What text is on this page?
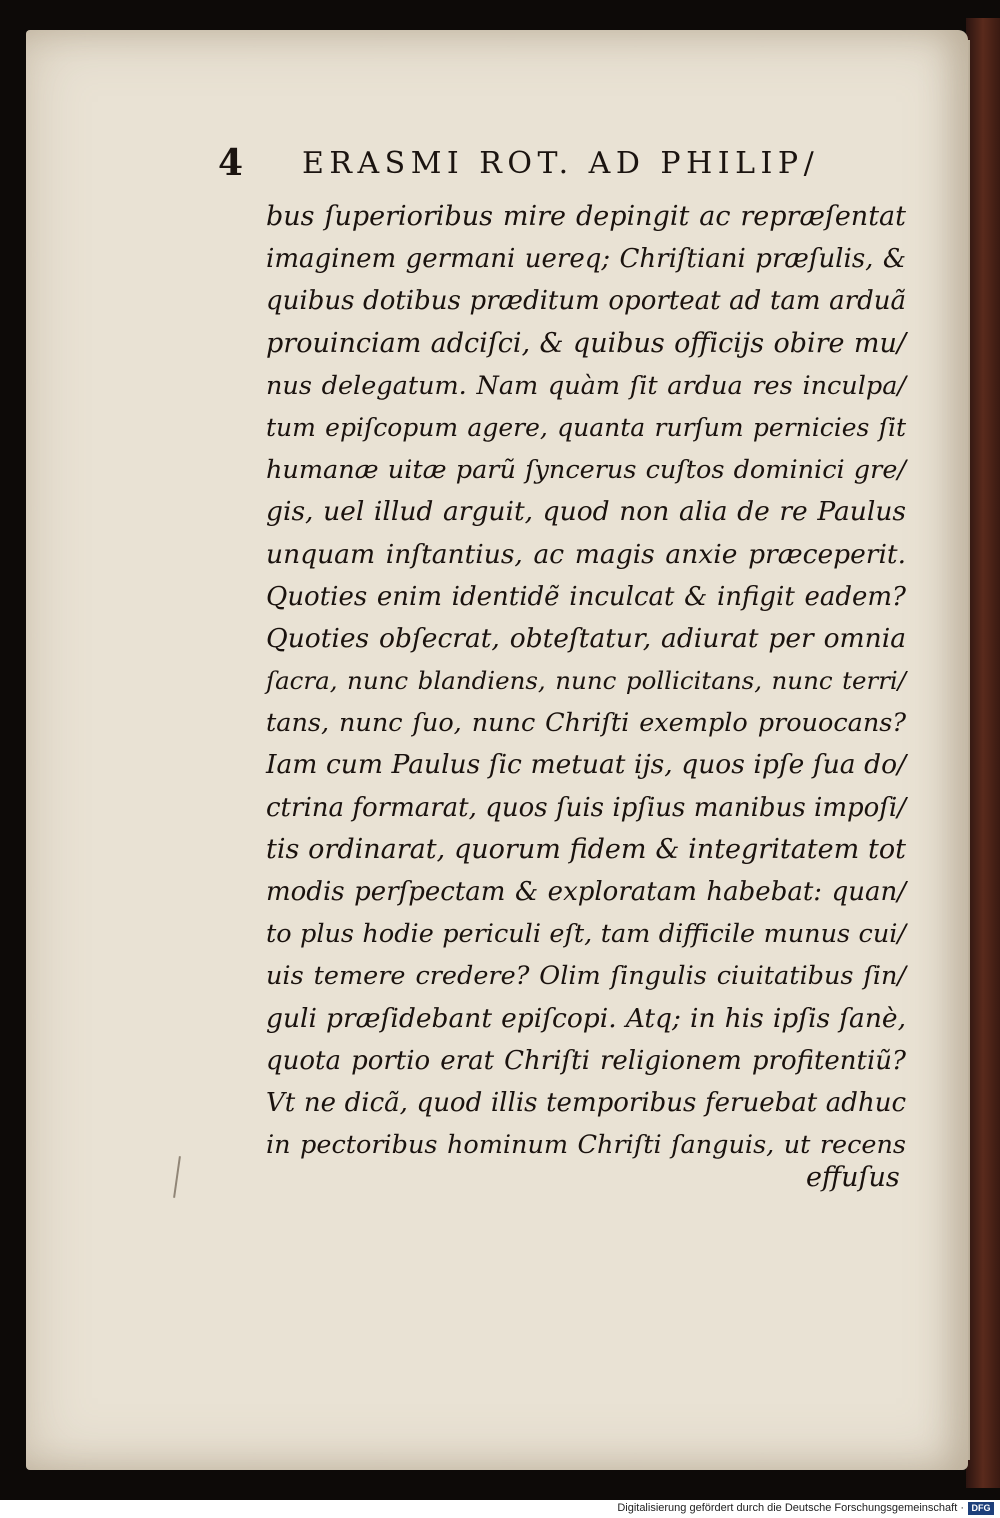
4 ERASMI ROT. AD PHILIP/
bus ſuperioribus mire depingit ac repræſentat
imaginem germani uereq; Chriſtiani præſulis, &
quibus dotibus præditum oporteat ad tam arduã
prouinciam adciſci, & quibus officijs obire mu/
nus delegatum. Nam quàm ſit ardua res inculpa/
tum epiſcopum agere, quanta rurſum pernicies ſit
humanæ uitæ parũ ſyncerus cuſtos dominici gre/
gis, uel illud arguit, quod non alia de re Paulus
unquam inſtantius, ac magis anxie præceperit.
Quoties enim identidẽ inculcat & infigit eadem?
Quoties obſecrat, obteſtatur, adiurat per omnia
ſacra, nunc blandiens, nunc pollicitans, nunc terri/
tans, nunc ſuo, nunc Chriſti exemplo prouocans?
Iam cum Paulus ſic metuat ijs, quos ipſe ſua do/
ctrina formarat, quos ſuis ipſius manibus impoſi/
tis ordinarat, quorum fidem & integritatem tot
modis perſpectam & exploratam habebat: quan/
to plus hodie periculi eſt, tam difficile munus cui/
uis temere credere? Olim ſingulis ciuitatibus ſin/
guli præſidebant epiſcopi. Atq; in his ipſis ſanè,
quota portio erat Chriſti religionem profitentiũ?
Vt ne dicã, quod illis temporibus feruebat adhuc
in pectoribus hominum Chriſti ſanguis, ut recens
effuſus
Digitalisierung gefördert durch die Deutsche Forschungsgemeinschaft · DFG
